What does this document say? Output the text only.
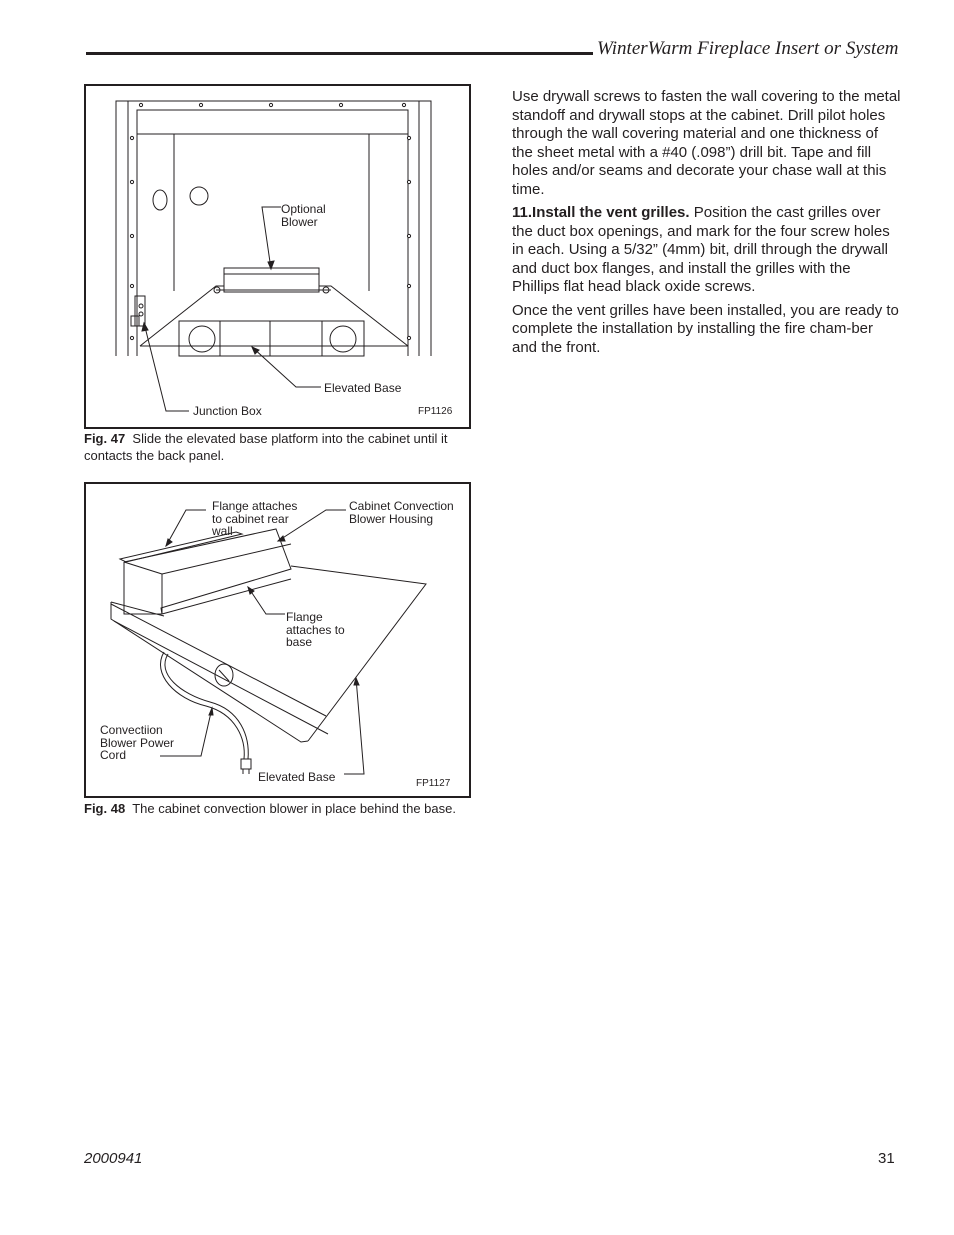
WinterWarm Fireplace Insert or System
Optional
Blower
Elevated Base
Junction Box	FP1126
Fig. 47 Slide the elevated base platform into the cabinet until it contacts the back panel.
Flange attaches
to cabinet rear
wall
Cabinet Convection
Blower Housing
Flange
attaches to
base
Convectiion
Blower Power
Cord
Elevated Base	FP1127
Fig. 48 The cabinet convection blower in place behind the base.

Use drywall screws to fasten the wall covering to the metal standoff and drywall stops at the cabinet. Drill pilot holes through the wall covering material and one thickness of the sheet metal with a #40 (.098”) drill bit. Tape and fill holes and/or seams and decorate your chase wall at this time.

11.Install the vent grilles. Position the cast grilles over the duct box openings, and mark for the four screw holes in each. Using a 5/32” (4mm) bit, drill through the drywall and duct box flanges, and install the grilles with the Phillips flat head black oxide screws.

Once the vent grilles have been installed, you are ready to complete the installation by installing the fire cham-ber and the front.

2000941	31
